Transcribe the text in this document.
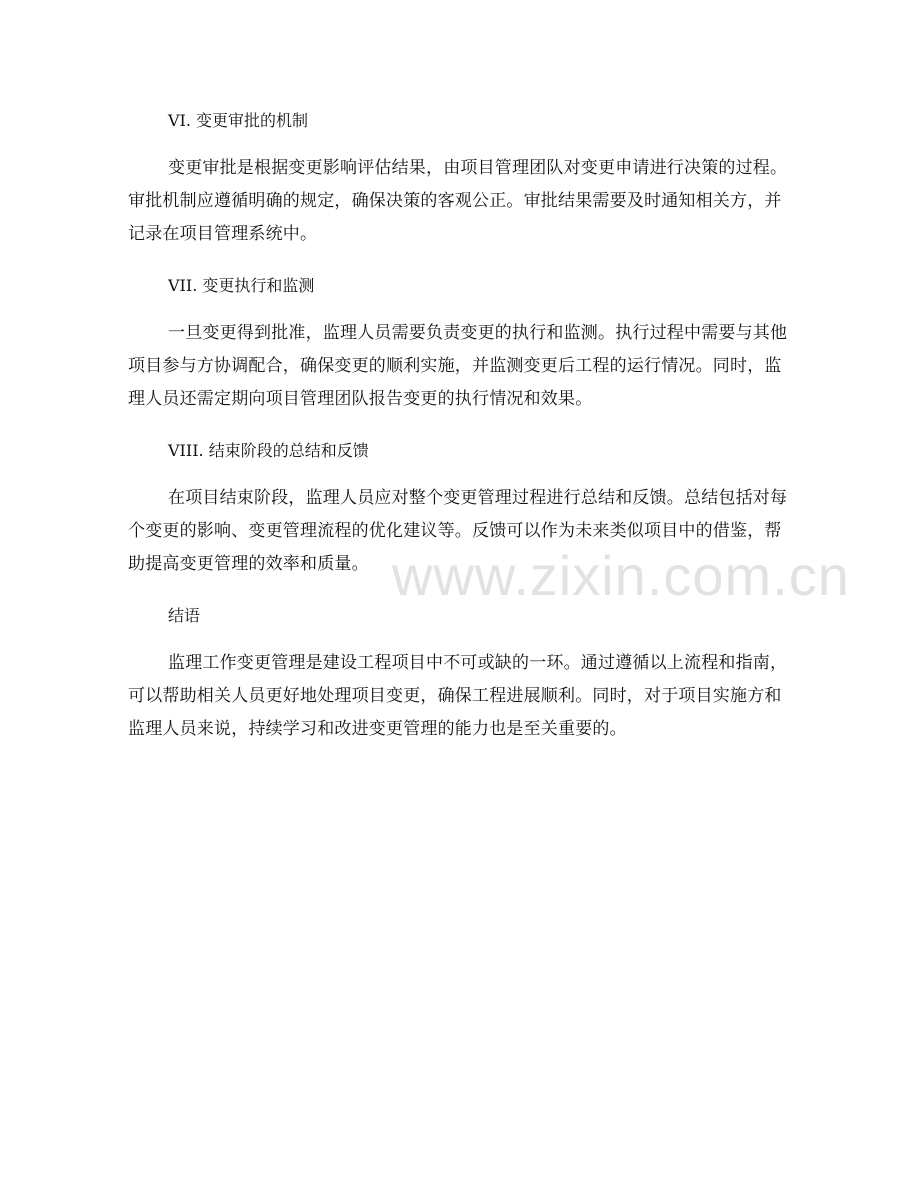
VI. 变更审批的机制

变更审批是根据变更影响评估结果，由项目管理团队对变更申请进行决策的过程。审批机制应遵循明确的规定，确保决策的客观公正。审批结果需要及时通知相关方，并记录在项目管理系统中。

VII. 变更执行和监测

一旦变更得到批准，监理人员需要负责变更的执行和监测。执行过程中需要与其他项目参与方协调配合，确保变更的顺利实施，并监测变更后工程的运行情况。同时，监理人员还需定期向项目管理团队报告变更的执行情况和效果。

VIII. 结束阶段的总结和反馈

在项目结束阶段，监理人员应对整个变更管理过程进行总结和反馈。总结包括对每个变更的影响、变更管理流程的优化建议等。反馈可以作为未来类似项目中的借鉴，帮助提高变更管理的效率和质量。

结语

监理工作变更管理是建设工程项目中不可或缺的一环。通过遵循以上流程和指南，可以帮助相关人员更好地处理项目变更，确保工程进展顺利。同时，对于项目实施方和监理人员来说，持续学习和改进变更管理的能力也是至关重要的。

www.zixin.com.cn
